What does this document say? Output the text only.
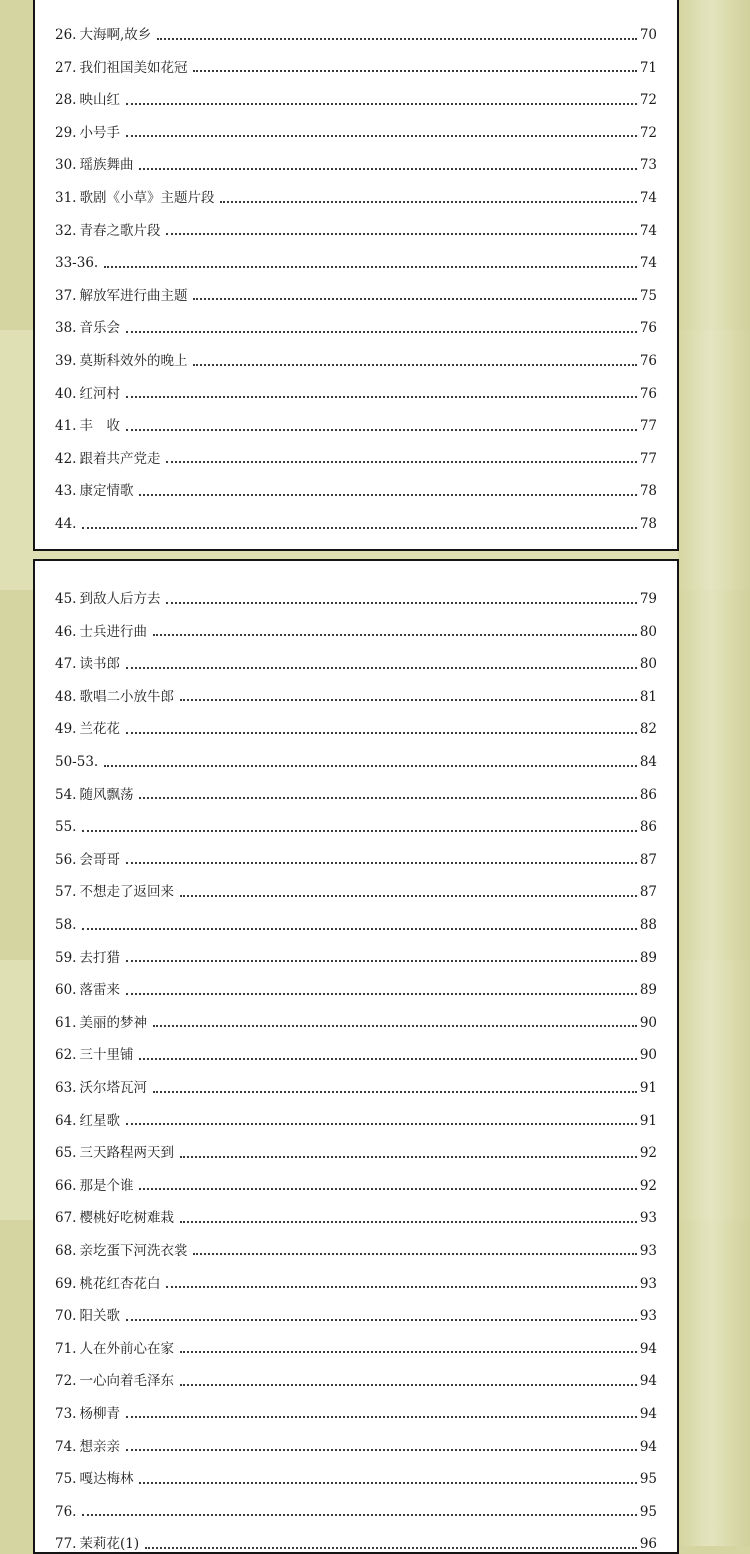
26. 大海啊,故乡	70
27. 我们祖国美如花冠	71
28. 映山红	72
29. 小号手	72
30. 瑶族舞曲	73
31. 歌剧《小草》主题片段	74
32. 青春之歌片段	74
33-36.	74
37. 解放军进行曲主题	75
38. 音乐会	76
39. 莫斯科效外的晚上	76
40. 红河村	76
41. 丰　收	77
42. 跟着共产党走	77
43. 康定情歌	78
44.	78
45. 到敌人后方去	79
46. 士兵进行曲	80
47. 读书郎	80
48. 歌唱二小放牛郎	81
49. 兰花花	82
50-53.	84
54. 随风飘荡	86
55.	86
56. 会哥哥	87
57. 不想走了返回来	87
58.	88
59. 去打猎	89
60. 落雷来	89
61. 美丽的梦神	90
62. 三十里铺	90
63. 沃尔塔瓦河	91
64. 红星歌	91
65. 三天路程两天到	92
66. 那是个谁	92
67. 樱桃好吃树难栽	93
68. 亲圪蛋下河洗衣裳	93
69. 桃花红杏花白	93
70. 阳关歌	93
71. 人在外前心在家	94
72. 一心向着毛泽东	94
73. 杨柳青	94
74. 想亲亲	94
75. 嘎达梅林	95
76.	95
77. 茉莉花(1)	96
